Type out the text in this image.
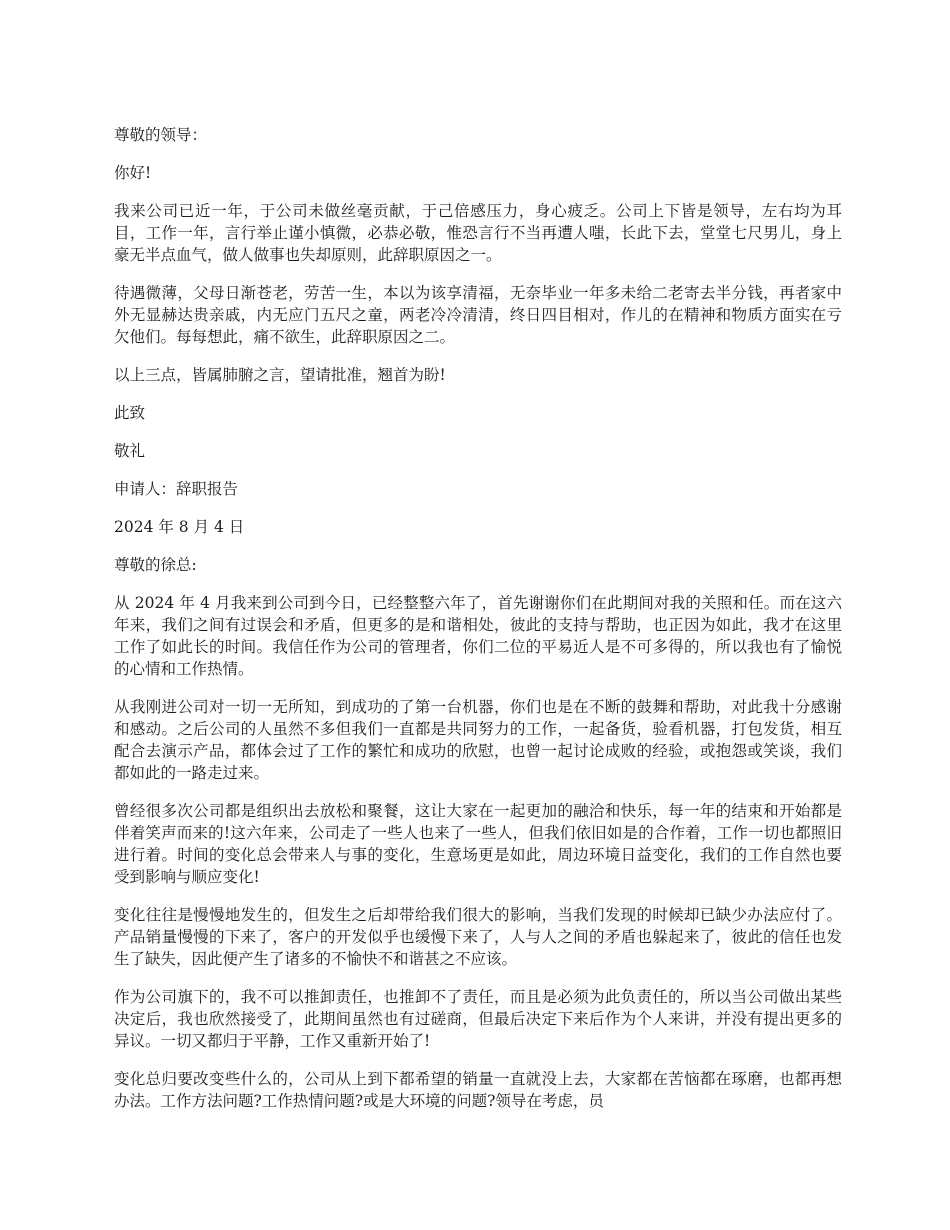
尊敬的领导：

你好!

我来公司已近一年，于公司未做丝毫贡献，于己倍感压力，身心疲乏。公司上下皆是领导，左右均为耳目，工作一年，言行举止谨小慎微，必恭必敬，惟恐言行不当再遭人嗤，长此下去，堂堂七尺男儿，身上豪无半点血气，做人做事也失却原则，此辞职原因之一。

待遇微薄，父母日渐苍老，劳苦一生，本以为该享清福，无奈毕业一年多未给二老寄去半分钱，再者家中外无显赫达贵亲戚，内无应门五尺之童，两老冷冷清清，终日四目相对，作儿的在精神和物质方面实在亏欠他们。每每想此，痛不欲生，此辞职原因之二。

以上三点，皆属肺腑之言，望请批准，翘首为盼!

此致

敬礼

申请人：辞职报告

2024 年 8 月 4 日

尊敬的徐总:

从 2024 年 4 月我来到公司到今日，已经整整六年了，首先谢谢你们在此期间对我的关照和任。而在这六年来，我们之间有过误会和矛盾，但更多的是和谐相处，彼此的支持与帮助，也正因为如此，我才在这里工作了如此长的时间。我信任作为公司的管理者，你们二位的平易近人是不可多得的，所以我也有了愉悦的心情和工作热情。

从我刚进公司对一切一无所知，到成功的了第一台机器，你们也是在不断的鼓舞和帮助，对此我十分感谢和感动。之后公司的人虽然不多但我们一直都是共同努力的工作，一起备货，验看机器，打包发货，相互配合去演示产品，都体会过了工作的繁忙和成功的欣慰，也曾一起讨论成败的经验，或抱怨或笑谈，我们都如此的一路走过来。

曾经很多次公司都是组织出去放松和聚餐，这让大家在一起更加的融洽和快乐，每一年的结束和开始都是伴着笑声而来的!这六年来，公司走了一些人也来了一些人，但我们依旧如是的合作着，工作一切也都照旧进行着。时间的变化总会带来人与事的变化，生意场更是如此，周边环境日益变化，我们的工作自然也要受到影响与顺应变化!

变化往往是慢慢地发生的，但发生之后却带给我们很大的影响，当我们发现的时候却已缺少办法应付了。产品销量慢慢的下来了，客户的开发似乎也缓慢下来了，人与人之间的矛盾也躲起来了，彼此的信任也发生了缺失，因此便产生了诸多的不愉快不和谐甚之不应该。

作为公司旗下的，我不可以推卸责任，也推卸不了责任，而且是必须为此负责任的，所以当公司做出某些决定后，我也欣然接受了，此期间虽然也有过磋商，但最后决定下来后作为个人来讲，并没有提出更多的异议。一切又都归于平静，工作又重新开始了!

变化总归要改变些什么的，公司从上到下都希望的销量一直就没上去，大家都在苦恼都在琢磨，也都再想办法。工作方法问题?工作热情问题?或是大环境的问题?领导在考虑，员
